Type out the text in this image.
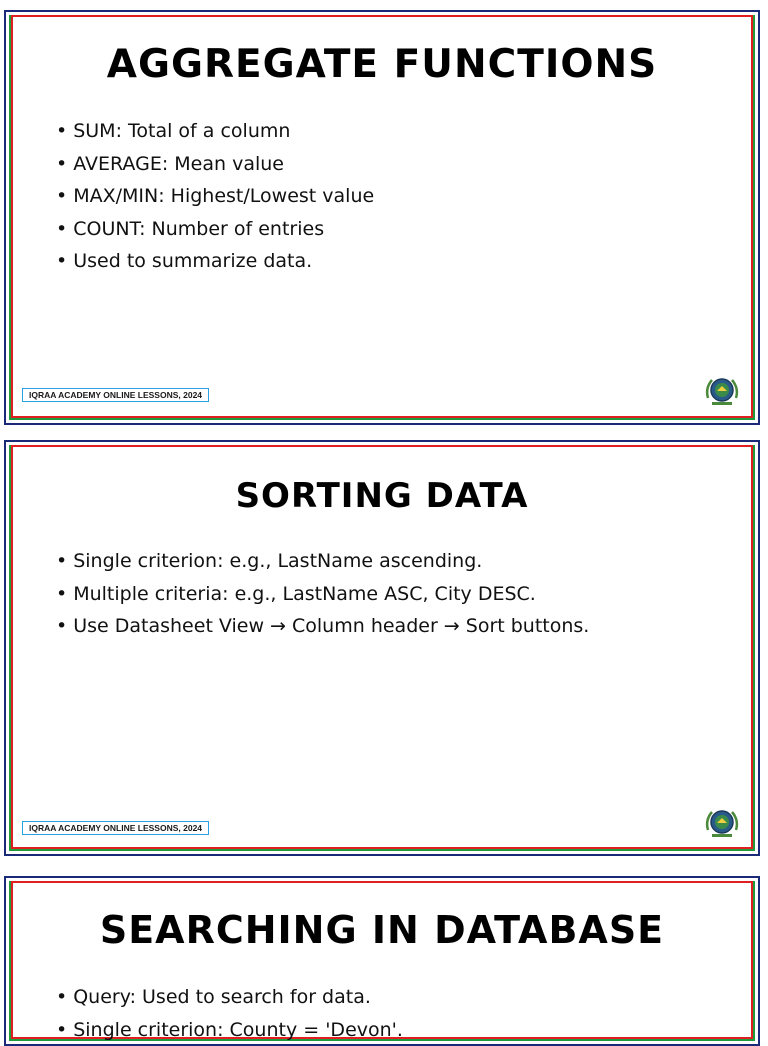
AGGREGATE FUNCTIONS
• SUM: Total of a column
• AVERAGE: Mean value
• MAX/MIN: Highest/Lowest value
• COUNT: Number of entries
• Used to summarize data.
IQRAA ACADEMY ONLINE LESSONS, 2024
SORTING DATA
• Single criterion: e.g., LastName ascending.
• Multiple criteria: e.g., LastName ASC, City DESC.
• Use Datasheet View → Column header → Sort buttons.
IQRAA ACADEMY ONLINE LESSONS, 2024
SEARCHING IN DATABASE
• Query: Used to search for data.
• Single criterion: County = 'Devon'.
